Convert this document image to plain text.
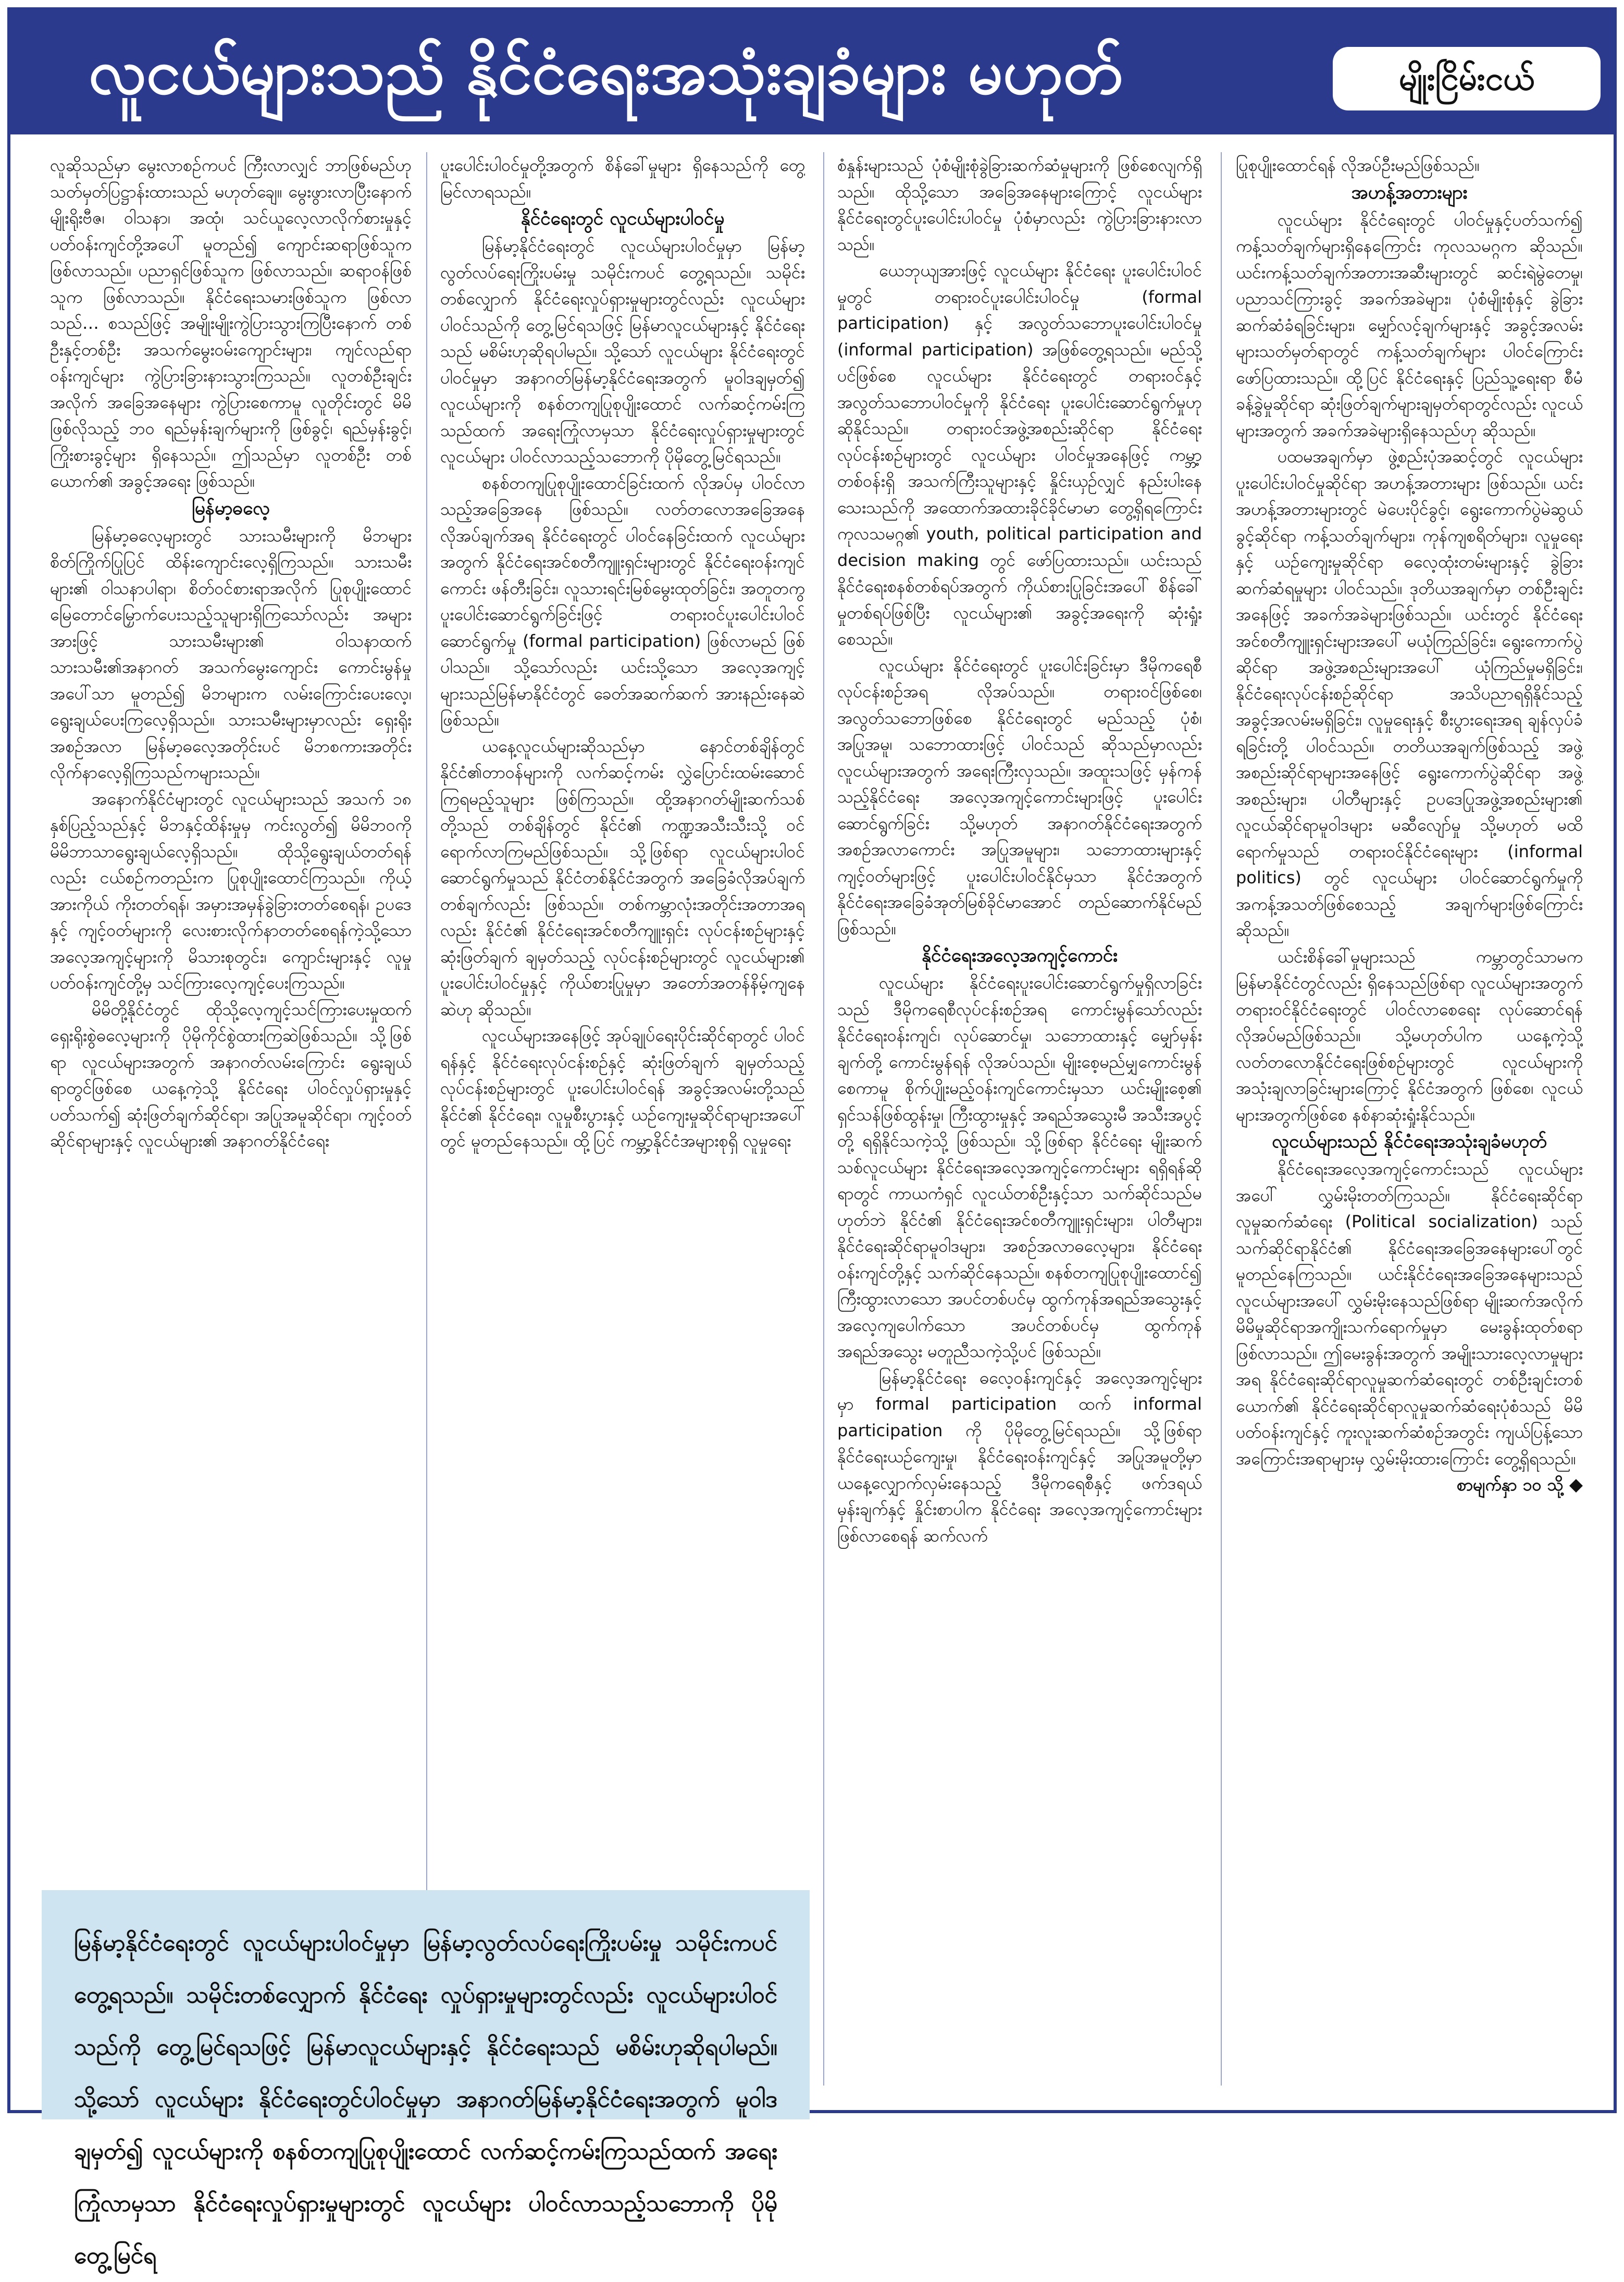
လူငယ်များသည် နိုင်ငံရေးအသုံးချခံများ မဟုတ်	မျိုးငြိမ်းငယ်

လူဆိုသည်မှာ မွေးလာစဉ်ကပင် ကြီးလာလျှင် ဘာဖြစ်မည်ဟု သတ်မှတ်ပြဋ္ဌာန်းထားသည် မဟုတ်ချေ။ မွေးဖွားလာပြီးနောက် မျိုးရိုးဗီဇ၊ ဝါသနာ၊ အထုံ၊ သင်ယူလေ့လာလိုက်စားမှုနှင့် ပတ်ဝန်းကျင်တို့အပေါ် မူတည်၍ ကျောင်းဆရာဖြစ်သူက ဖြစ်လာသည်။ ပညာရှင်ဖြစ်သူက ဖြစ်လာသည်။ ဆရာဝန်ဖြစ်သူက ဖြစ်လာသည်။ နိုင်ငံရေးသမားဖြစ်သူက ဖြစ်လာသည်… စသည်ဖြင့် အမျိုးမျိုးကွဲပြားသွားကြပြီးနောက် တစ်ဦးနှင့်တစ်ဦး အသက်မွေးဝမ်းကျောင်းများ၊ ကျင်လည်ရာဝန်းကျင်များ ကွဲပြားခြားနားသွားကြသည်။ လူတစ်ဦးချင်းအလိုက် အခြေအနေများ ကွဲပြားစေကာမူ လူတိုင်းတွင် မိမိဖြစ်လိုသည့် ဘဝ ရည်မှန်းချက်များကို ဖြစ်ခွင့်၊ ရည်မှန်းခွင့်၊ ကြိုးစားခွင့်များ ရှိနေသည်။ ဤသည်မှာ လူတစ်ဦး တစ်ယောက်၏ အခွင့်အရေး ဖြစ်သည်။

မြန်မာ့ဓလေ့

မြန်မာ့ဓလေ့များတွင် သားသမီးများကို မိဘများ စိတ်ကြိုက်ပြုပြင် ထိန်းကျောင်းလေ့ရှိကြသည်။ သားသမီးများ၏ ဝါသနာပါရာ၊ စိတ်ဝင်စားရာအလိုက် ပြုစုပျိုးထောင် မြေတောင်မြှောက်ပေးသည့်သူများရှိကြသော်လည်း အများအားဖြင့် သားသမီးများ၏ ဝါသနာထက် သားသမီး၏အနာဂတ် အသက်မွေးကျောင်း ကောင်းမွန်မှုအပေါ်သာ မူတည်၍ မိဘများက လမ်းကြောင်းပေးလေ့၊ ရွေးချယ်ပေးကြလေ့ရှိသည်။ သားသမီးများမှာလည်း ရှေးရိုးအစဉ်အလာ မြန်မာ့ဓလေ့အတိုင်းပင် မိဘစကားအတိုင်း လိုက်နာလေ့ရှိကြသည်ကများသည်။

အနောက်နိုင်ငံများတွင် လူငယ်များသည် အသက် ၁၈ နှစ်ပြည့်သည်နှင့် မိဘနှင့်ထိန်းမှုမှ ကင်းလွတ်၍ မိမိဘဝကို မိမိဘာသာရွေးချယ်လေ့ရှိသည်။ ထိုသို့ရွေးချယ်တတ်ရန်လည်း ငယ်စဉ်ကတည်းက ပြုစုပျိုးထောင်ကြသည်။ ကိုယ့်အားကိုယ် ကိုးတတ်ရန်၊ အမှားအမှန်ခွဲခြားတတ်စေရန်၊ ဥပဒေနှင့် ကျင့်ဝတ်များကို လေးစားလိုက်နာတတ်စေရန်ကဲ့သို့သော အလေ့အကျင့်များကို မိသားစုတွင်း၊ ကျောင်းများနှင့် လူမှုပတ်ဝန်းကျင်တို့မှ သင်ကြားလေ့ကျင့်ပေးကြသည်။

မိမိတို့နိုင်ငံတွင် ထိုသို့လေ့ကျင့်သင်ကြားပေးမှုထက် ရှေးရိုးစွဲဓလေ့များကို ပိုမိုကိုင်စွဲထားကြဆဲဖြစ်သည်။ သို့ဖြစ်ရာ လူငယ်များအတွက် အနာဂတ်လမ်းကြောင်း ရွေးချယ်ရာတွင်ဖြစ်စေ ယနေ့ကဲ့သို့ နိုင်ငံရေး ပါဝင်လှုပ်ရှားမှုနှင့်ပတ်သက်၍ ဆုံးဖြတ်ချက်ဆိုင်ရာ၊ အပြုအမူဆိုင်ရာ၊ ကျင့်ဝတ်ဆိုင်ရာများနှင့် လူငယ်များ၏ အနာဂတ်နိုင်ငံရေး

ပူးပေါင်းပါဝင်မှုတို့အတွက် စိန်ခေါ်မှုများ ရှိနေသည်ကို တွေ့မြင်လာရသည်။

နိုင်ငံရေးတွင် လူငယ်များပါဝင်မှု

မြန်မာ့နိုင်ငံရေးတွင် လူငယ်များပါဝင်မှုမှာ မြန်မာ့လွတ်လပ်ရေးကြိုးပမ်းမှု သမိုင်းကပင် တွေ့ရသည်။ သမိုင်းတစ်လျှောက် နိုင်ငံရေးလှုပ်ရှားမှုများတွင်လည်း လူငယ်များပါဝင်သည်ကို တွေ့မြင်ရသဖြင့် မြန်မာလူငယ်များနှင့် နိုင်ငံရေးသည် မစိမ်းဟုဆိုရပါမည်။ သို့သော် လူငယ်များ နိုင်ငံရေးတွင်ပါဝင်မှုမှာ အနာဂတ်မြန်မာ့နိုင်ငံရေးအတွက် မူဝါဒချမှတ်၍ လူငယ်များကို စနစ်တကျပြုစုပျိုးထောင် လက်ဆင့်ကမ်းကြသည်ထက် အရေးကြုံလာမှသာ နိုင်ငံရေးလှုပ်ရှားမှုများတွင် လူငယ်များ ပါဝင်လာသည့်သဘောကို ပိုမိုတွေ့မြင်ရသည်။

စနစ်တကျပြုစုပျိုးထောင်ခြင်းထက် လိုအပ်မှ ပါဝင်လာသည့်အခြေအနေ ဖြစ်သည်။ လတ်တလောအခြေအနေလိုအပ်ချက်အရ နိုင်ငံရေးတွင် ပါဝင်နေခြင်းထက် လူငယ်များအတွက် နိုင်ငံရေးအင်စတီကျူးရှင်းများတွင် နိုင်ငံရေးဝန်းကျင်ကောင်း ဖန်တီးခြင်း၊ လူသားရင်းမြစ်မွေးထုတ်ခြင်း၊ အတူတကွ ပူးပေါင်းဆောင်ရွက်ခြင်းဖြင့် တရားဝင်ပူးပေါင်းပါဝင်ဆောင်ရွက်မှု (formal participation) ဖြစ်လာမည် ဖြစ်ပါသည်။ သို့သော်လည်း ယင်းသို့သော အလေ့အကျင့်များသည်မြန်မာနိုင်ငံတွင် ခေတ်အဆက်ဆက် အားနည်းနေဆဲ ဖြစ်သည်။

ယနေ့လူငယ်များဆိုသည်မှာ နောင်တစ်ချိန်တွင် နိုင်ငံ၏တာဝန်များကို လက်ဆင့်ကမ်း လွှဲပြောင်းထမ်းဆောင်ကြရမည့်သူများ ဖြစ်ကြသည်။ ထို့အနာဂတ်မျိုးဆက်သစ်တို့သည် တစ်ချိန်တွင် နိုင်ငံ၏ ကဏ္ဍအသီးသီးသို့ ဝင်ရောက်လာကြမည်ဖြစ်သည်။ သို့ဖြစ်ရာ လူငယ်များပါဝင်ဆောင်ရွက်မှုသည် နိုင်ငံတစ်နိုင်ငံအတွက် အခြေခံလိုအပ်ချက် တစ်ချက်လည်း ဖြစ်သည်။ တစ်ကမ္ဘာလုံးအတိုင်းအတာအရ လည်း နိုင်ငံ၏ နိုင်ငံရေးအင်စတီကျူးရှင်း လုပ်ငန်းစဉ်များနှင့် ဆုံးဖြတ်ချက် ချမှတ်သည့် လုပ်ငန်းစဉ်များတွင် လူငယ်များ၏ ပူးပေါင်းပါဝင်မှုနှင့် ကိုယ်စားပြုမှုမှာ အတော်အတန်နိမ့်ကျနေဆဲဟု ဆိုသည်။

လူငယ်များအနေဖြင့် အုပ်ချုပ်ရေးပိုင်းဆိုင်ရာတွင် ပါဝင်ရန်နှင့် နိုင်ငံရေးလုပ်ငန်းစဉ်နှင့် ဆုံးဖြတ်ချက် ချမှတ်သည့်လုပ်ငန်းစဉ်များတွင် ပူးပေါင်းပါဝင်ရန် အခွင့်အလမ်းတို့သည် နိုင်ငံ၏ နိုင်ငံရေး၊ လူမှုစီးပွားနှင့် ယဉ်ကျေးမှုဆိုင်ရာများအပေါ်တွင် မူတည်နေသည်။ ထို့ပြင် ကမ္ဘာ့နိုင်ငံအများစုရှိ လူမှုရေး

စံနှုန်းများသည် ပုံစံမျိုးစုံခွဲခြားဆက်ဆံမှုများကို ဖြစ်စေလျက်ရှိသည်။ ထိုသို့သော အခြေအနေများကြောင့် လူငယ်များ နိုင်ငံရေးတွင်ပူးပေါင်းပါဝင်မှု ပုံစံမှာလည်း ကွဲပြားခြားနားလာသည်။

ယေဘုယျအားဖြင့် လူငယ်များ နိုင်ငံရေး ပူးပေါင်းပါဝင်မှုတွင် တရားဝင်ပူးပေါင်းပါဝင်မှု (formal participation) နှင့် အလွတ်သဘောပူးပေါင်းပါဝင်မှု (informal participation) အဖြစ်တွေ့ရသည်။ မည်သို့ပင်ဖြစ်စေ လူငယ်များ နိုင်ငံရေးတွင် တရားဝင်နှင့် အလွတ်သဘောပါဝင်မှုကို နိုင်ငံရေး ပူးပေါင်းဆောင်ရွက်မှုဟု ဆိုနိုင်သည်။ တရားဝင်အဖွဲ့အစည်းဆိုင်ရာ နိုင်ငံရေးလုပ်ငန်းစဉ်များတွင် လူငယ်များ ပါဝင်မှုအနေဖြင့် ကမ္ဘာ့တစ်ဝန်းရှိ အသက်ကြီးသူများနှင့် နှိုင်းယှဉ်လျှင် နည်းပါးနေသေးသည်ကို အထောက်အထားခိုင်ခိုင်မာမာ တွေ့ရှိရကြောင်း ကုလသမဂ္ဂ၏ youth, political participation and decision making တွင် ဖော်ပြထားသည်။ ယင်းသည် နိုင်ငံရေးစနစ်တစ်ရပ်အတွက် ကိုယ်စားပြုခြင်းအပေါ် စိန်ခေါ်မှုတစ်ရပ်ဖြစ်ပြီး လူငယ်များ၏ အခွင့်အရေးကို ဆုံးရှုံးစေသည်။

လူငယ်များ နိုင်ငံရေးတွင် ပူးပေါင်းခြင်းမှာ ဒီမိုကရေစီလုပ်ငန်းစဉ်အရ လိုအပ်သည်။ တရားဝင်ဖြစ်စေ၊ အလွတ်သဘောဖြစ်စေ နိုင်ငံရေးတွင် မည်သည့် ပုံစံ၊ အပြုအမူ၊ သဘောထားဖြင့် ပါဝင်သည် ဆိုသည်မှာလည်း လူငယ်များအတွက် အရေးကြီးလှသည်။ အထူးသဖြင့် မှန်ကန်သည့်နိုင်ငံရေး အလေ့အကျင့်ကောင်းများဖြင့် ပူးပေါင်းဆောင်ရွက်ခြင်း သို့မဟုတ် အနာဂတ်နိုင်ငံရေးအတွက် အစဉ်အလာကောင်း အပြုအမူများ၊ သဘောထားများနှင့် ကျင့်ဝတ်များဖြင့် ပူးပေါင်းပါဝင်နိုင်မှသာ နိုင်ငံအတွက် နိုင်ငံရေးအခြေခံအုတ်မြစ်ခိုင်မာအောင် တည်ဆောက်နိုင်မည် ဖြစ်သည်။

နိုင်ငံရေးအလေ့အကျင့်ကောင်း

လူငယ်များ နိုင်ငံရေးပူးပေါင်းဆောင်ရွက်မှုရှိလာခြင်းသည် ဒီမိုကရေစီလုပ်ငန်းစဉ်အရ ကောင်းမွန်သော်လည်း နိုင်ငံရေးဝန်းကျင်၊ လုပ်ဆောင်မှု၊ သဘောထားနှင့် မျှော်မှန်းချက်တို့ ကောင်းမွန်ရန် လိုအပ်သည်။ မျိုးစေ့မည်မျှကောင်းမွန်စေကာမူ စိုက်ပျိုးမည့်ဝန်းကျင်ကောင်းမှသာ ယင်းမျိုးစေ့၏ ရှင်သန်ဖြစ်ထွန်းမှု၊ ကြီးထွားမှုနှင့် အရည်အသွေးမီ အသီးအပွင့်တို့ ရရှိနိုင်သကဲ့သို့ ဖြစ်သည်။ သို့ဖြစ်ရာ နိုင်ငံရေး မျိုးဆက်သစ်လူငယ်များ နိုင်ငံရေးအလေ့အကျင့်ကောင်းများ ရရှိရန်ဆိုရာတွင် ကာယကံရှင် လူငယ်တစ်ဦးနှင့်သာ သက်ဆိုင်သည်မဟုတ်ဘဲ နိုင်ငံ၏ နိုင်ငံရေးအင်စတီကျူးရှင်းများ၊ ပါတီများ၊ နိုင်ငံရေးဆိုင်ရာမူဝါဒများ၊ အစဉ်အလာဓလေ့များ၊ နိုင်ငံရေးဝန်းကျင်တို့နှင့် သက်ဆိုင်နေသည်။ စနစ်တကျပြုစုပျိုးထောင်၍ ကြီးထွားလာသော အပင်တစ်ပင်မှ ထွက်ကုန်အရည်အသွေးနှင့် အလေ့ကျပေါက်သော အပင်တစ်ပင်မှ ထွက်ကုန်အရည်အသွေး မတူညီသကဲ့သို့ပင် ဖြစ်သည်။

မြန်မာ့နိုင်ငံရေး ဓလေ့ဝန်းကျင်နှင့် အလေ့အကျင့်များမှာ formal participation ထက် informal participation ကို ပိုမိုတွေ့မြင်ရသည်။ သို့ဖြစ်ရာ နိုင်ငံရေးယဉ်ကျေးမှု၊ နိုင်ငံရေးဝန်းကျင်နှင့် အပြုအမူတို့မှာ ယနေ့လျှောက်လှမ်းနေသည့် ဒီမိုကရေစီနှင့် ဖက်ဒရယ်မှန်းချက်နှင့် နှိုင်းစာပါက နိုင်ငံရေး အလေ့အကျင့်ကောင်းများ ဖြစ်လာစေရန် ဆက်လက်

ပြုစုပျိုးထောင်ရန် လိုအပ်ဦးမည်ဖြစ်သည်။

အဟန့်အတားများ

လူငယ်များ နိုင်ငံရေးတွင် ပါဝင်မှုနှင့်ပတ်သက်၍ ကန့်သတ်ချက်များရှိနေကြောင်း ကုလသမဂ္ဂက ဆိုသည်။ ယင်းကန့်သတ်ချက်အတားအဆီးများတွင် ဆင်းရဲမွဲတေမှု၊ ပညာသင်ကြားခွင့် အခက်အခဲများ၊ ပုံစံမျိုးစုံနှင့် ခွဲခြားဆက်ဆံခံရခြင်းများ၊ မျှော်လင့်ချက်များနှင့် အခွင့်အလမ်းများသတ်မှတ်ရာတွင် ကန့်သတ်ချက်များ ပါဝင်ကြောင်း ဖော်ပြထားသည်။ ထို့ပြင် နိုင်ငံရေးနှင့် ပြည်သူ့ရေးရာ စီမံခန့်ခွဲမှုဆိုင်ရာ ဆုံးဖြတ်ချက်များချမှတ်ရာတွင်လည်း လူငယ်များအတွက် အခက်အခဲများရှိနေသည်ဟု ဆိုသည်။

ပထမအချက်မှာ ဖွဲ့စည်းပုံအဆင့်တွင် လူငယ်များ ပူးပေါင်းပါဝင်မှုဆိုင်ရာ အဟန့်အတားများ ဖြစ်သည်။ ယင်းအဟန့်အတားများတွင် မဲပေးပိုင်ခွင့်၊ ရွေးကောက်ပွဲမဲဆွယ်ခွင့်ဆိုင်ရာ ကန့်သတ်ချက်များ၊ ကုန်ကျစရိတ်များ၊ လူမှုရေးနှင့် ယဉ်ကျေးမှုဆိုင်ရာ ဓလေ့ထုံးတမ်းများနှင့် ခွဲခြားဆက်ဆံရမှုများ ပါဝင်သည်။ ဒုတိယအချက်မှာ တစ်ဦးချင်းအနေဖြင့် အခက်အခဲများဖြစ်သည်။ ယင်းတွင် နိုင်ငံရေးအင်စတီကျူးရှင်းများအပေါ် မယုံကြည်ခြင်း၊ ရွေးကောက်ပွဲဆိုင်ရာ အဖွဲ့အစည်းများအပေါ် ယုံကြည်မှုမရှိခြင်း၊ နိုင်ငံရေးလုပ်ငန်းစဉ်ဆိုင်ရာ အသိပညာရရှိနိုင်သည့် အခွင့်အလမ်းမရှိခြင်း၊ လူမှုရေးနှင့် စီးပွားရေးအရ ချန်လှပ်ခံရခြင်းတို့ ပါဝင်သည်။ တတိယအချက်ဖြစ်သည့် အဖွဲ့အစည်းဆိုင်ရာများအနေဖြင့် ရွေးကောက်ပွဲဆိုင်ရာ အဖွဲ့အစည်းများ၊ ပါတီများနှင့် ဥပဒေပြုအဖွဲ့အစည်းများ၏ လူငယ်ဆိုင်ရာမူဝါဒများ မဆီလျော်မှု သို့မဟုတ် မထိရောက်မှုသည် တရားဝင်နိုင်ငံရေးများ (informal politics) တွင် လူငယ်များ ပါဝင်ဆောင်ရွက်မှုကို အကန့်အသတ်ဖြစ်စေသည့် အချက်များဖြစ်ကြောင်း ဆိုသည်။

ယင်းစိန်ခေါ်မှုများသည် ကမ္ဘာတွင်သာမက မြန်မာနိုင်ငံတွင်လည်း ရှိနေသည်ဖြစ်ရာ လူငယ်များအတွက် တရားဝင်နိုင်ငံရေးတွင် ပါဝင်လာစေရေး လုပ်ဆောင်ရန် လိုအပ်မည်ဖြစ်သည်။ သို့မဟုတ်ပါက ယနေ့ကဲ့သို့ လတ်တလောနိုင်ငံရေးဖြစ်စဉ်များတွင် လူငယ်များကို အသုံးချလာခြင်းများကြောင့် နိုင်ငံအတွက် ဖြစ်စေ၊ လူငယ်များအတွက်ဖြစ်စေ နစ်နာဆုံးရှုံးနိုင်သည်။

လူငယ်များသည် နိုင်ငံရေးအသုံးချခံမဟုတ်

နိုင်ငံရေးအလေ့အကျင့်ကောင်းသည် လူငယ်များအပေါ် လွှမ်းမိုးတတ်ကြသည်။ နိုင်ငံရေးဆိုင်ရာ လူမှုဆက်ဆံရေး (Political socialization) သည် သက်ဆိုင်ရာနိုင်ငံ၏ နိုင်ငံရေးအခြေအနေများပေါ်တွင် မူတည်နေကြသည်။ ယင်းနိုင်ငံရေးအခြေအနေများသည် လူငယ်များအပေါ် လွှမ်းမိုးနေသည်ဖြစ်ရာ မျိုးဆက်အလိုက် မိမိမှုဆိုင်ရာအကျိုးသက်ရောက်မှုမှာ မေးခွန်းထုတ်စရာဖြစ်လာသည်။ ဤမေးခွန်းအတွက် အမျိုးသားလေ့လာမှုများအရ နိုင်ငံရေးဆိုင်ရာလူမှုဆက်ဆံရေးတွင် တစ်ဦးချင်းတစ်ယောက်၏ နိုင်ငံရေးဆိုင်ရာလူမှုဆက်ဆံရေးပုံစံသည် မိမိပတ်ဝန်းကျင်နှင့် ကူးလူးဆက်ဆံစဉ်အတွင်း ကျယ်ပြန့်သော အကြောင်းအရာများမှ လွှမ်းမိုးထားကြောင်း တွေ့ရှိရသည်။

စာမျက်နှာ ၁၀ သို့ ◆

မြန်မာ့နိုင်ငံရေးတွင် လူငယ်များပါဝင်မှုမှာ မြန်မာ့လွတ်လပ်ရေးကြိုးပမ်းမှု သမိုင်းကပင် တွေ့ရသည်။ သမိုင်းတစ်လျှောက် နိုင်ငံရေး လှုပ်ရှားမှုများတွင်လည်း လူငယ်များပါဝင်သည်ကို တွေ့မြင်ရသဖြင့် မြန်မာလူငယ်များနှင့် နိုင်ငံရေးသည် မစိမ်းဟုဆိုရပါမည်။ သို့သော် လူငယ်များ နိုင်ငံရေးတွင်ပါဝင်မှုမှာ အနာဂတ်မြန်မာ့နိုင်ငံရေးအတွက် မူဝါဒချမှတ်၍ လူငယ်များကို စနစ်တကျပြုစုပျိုးထောင် လက်ဆင့်ကမ်းကြသည်ထက် အရေးကြုံလာမှသာ နိုင်ငံရေးလှုပ်ရှားမှုများတွင် လူငယ်များ ပါဝင်လာသည့်သဘောကို ပိုမိုတွေ့မြင်ရ
